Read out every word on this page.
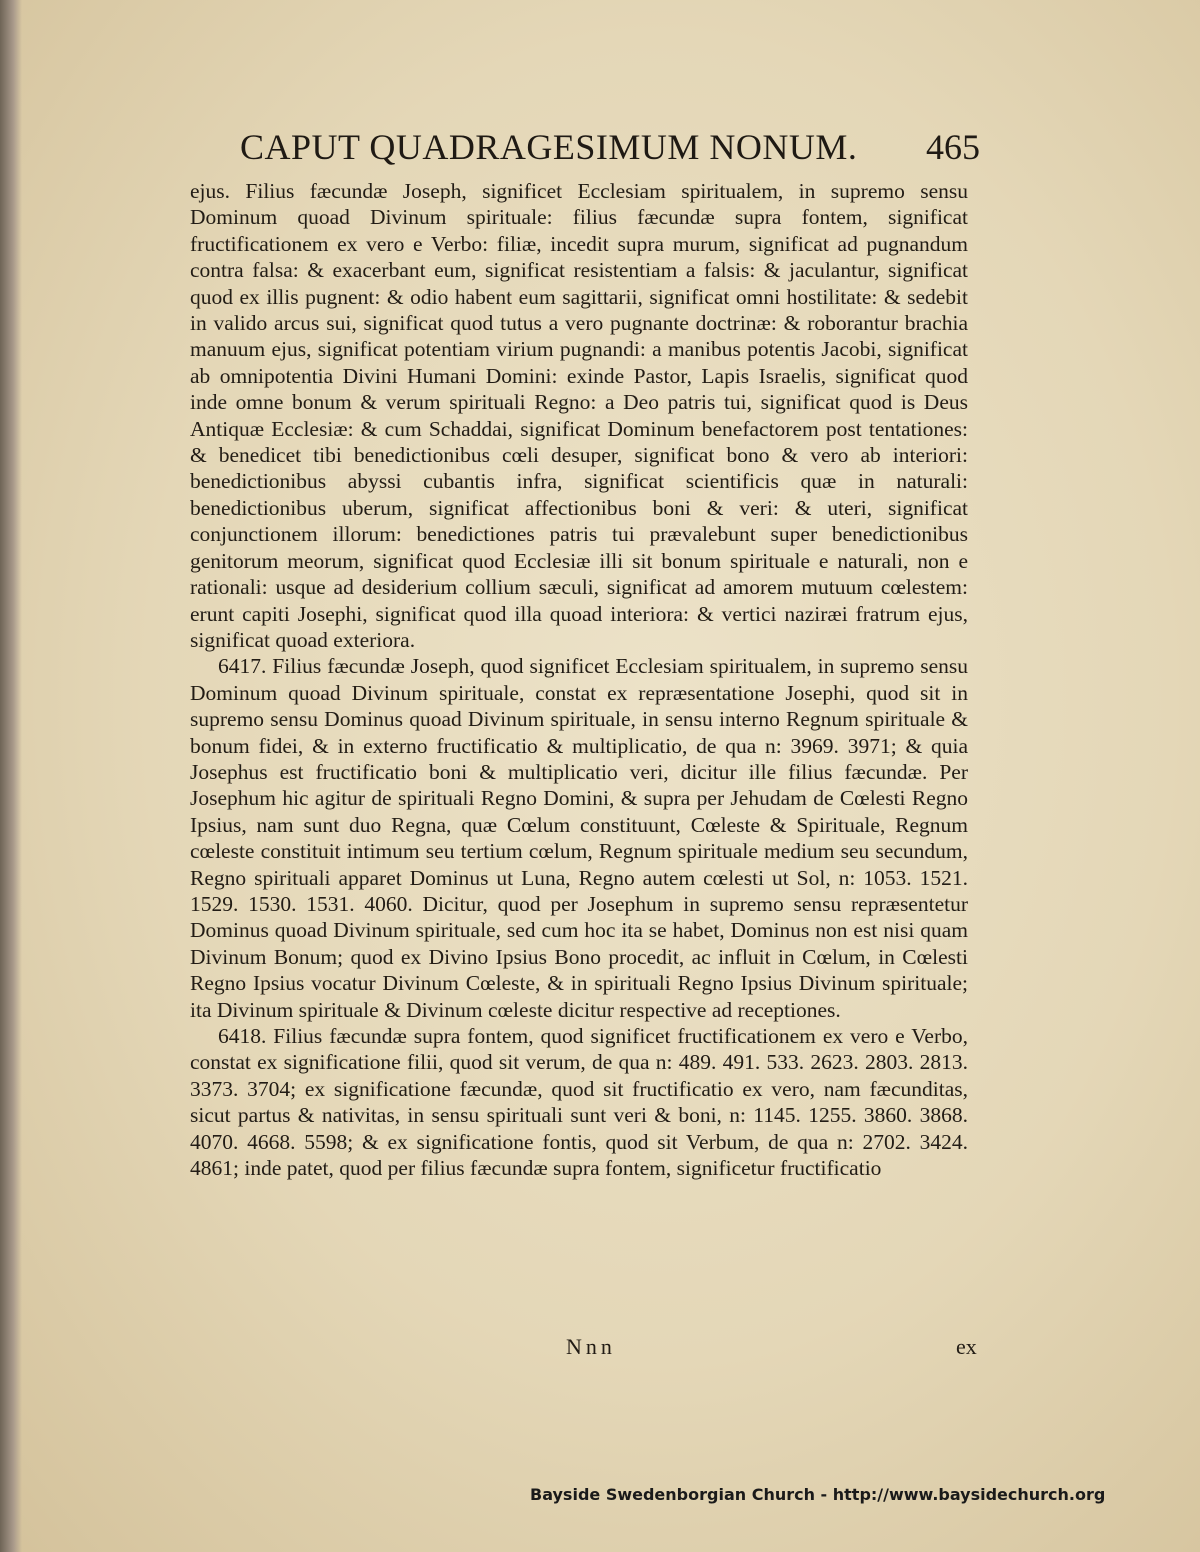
CAPUT QUADRAGESIMUM NONUM. 465

ejus. Filius fæcundæ Joseph, significet Ecclesiam spiritualem, in supremo sensu Dominum quoad Divinum spirituale: filius fæcundæ supra fontem, significat fructificationem ex vero e Verbo: filiæ, incedit supra murum, significat ad pugnandum contra falsa: & exacerbant eum, significat resistentiam a falsis: & jaculantur, significat quod ex illis pugnent: & odio habent eum sagittarii, significat omni hostilitate: & sedebit in valido arcus sui, significat quod tutus a vero pugnante doctrinæ: & roborantur brachia manuum ejus, significat potentiam virium pugnandi: a manibus potentis Jacobi, significat ab omnipotentia Divini Humani Domini: exinde Pastor, Lapis Israelis, significat quod inde omne bonum & verum spirituali Regno: a Deo patris tui, significat quod is Deus Antiquæ Ecclesiæ: & cum Schaddai, significat Dominum benefactorem post tentationes: & benedicet tibi benedictionibus cœli desuper, significat bono & vero ab interiori: benedictionibus abyssi cubantis infra, significat scientificis quæ in naturali: benedictionibus uberum, significat affectionibus boni & veri: & uteri, significat conjunctionem illorum: benedictiones patris tui prævalebunt super benedictionibus genitorum meorum, significat quod Ecclesiæ illi sit bonum spirituale e naturali, non e rationali: usque ad desiderium collium sæculi, significat ad amorem mutuum cœlestem: erunt capiti Josephi, significat quod illa quoad interiora: & vertici naziræi fratrum ejus, significat quoad exteriora.

6417. Filius fæcundæ Joseph, quod significet Ecclesiam spiritualem, in supremo sensu Dominum quoad Divinum spirituale, constat ex repræsentatione Josephi, quod sit in supremo sensu Dominus quoad Divinum spirituale, in sensu interno Regnum spirituale & bonum fidei, & in externo fructificatio & multiplicatio, de qua n: 3969. 3971; & quia Josephus est fructificatio boni & multiplicatio veri, dicitur ille filius fæcundæ. Per Josephum hic agitur de spirituali Regno Domini, & supra per Jehudam de Cœlesti Regno Ipsius, nam sunt duo Regna, quæ Cœlum constituunt, Cœleste & Spirituale, Regnum cœleste constituit intimum seu tertium cœlum, Regnum spirituale medium seu secundum, Regno spirituali apparet Dominus ut Luna, Regno autem cœlesti ut Sol, n: 1053. 1521. 1529. 1530. 1531. 4060. Dicitur, quod per Josephum in supremo sensu repræsentetur Dominus quoad Divinum spirituale, sed cum hoc ita se habet, Dominus non est nisi quam Divinum Bonum; quod ex Divino Ipsius Bono procedit, ac influit in Cœlum, in Cœlesti Regno Ipsius vocatur Divinum Cœleste, & in spirituali Regno Ipsius Divinum spirituale; ita Divinum spirituale & Divinum cœleste dicitur respective ad receptiones.

6418. Filius fæcundæ supra fontem, quod significet fructificationem ex vero e Verbo, constat ex significatione filii, quod sit verum, de qua n: 489. 491. 533. 2623. 2803. 2813. 3373. 3704; ex significatione fæcundæ, quod sit fructificatio ex vero, nam fæcunditas, sicut partus & nativitas, in sensu spirituali sunt veri & boni, n: 1145. 1255. 3860. 3868. 4070. 4668. 5598; & ex significatione fontis, quod sit Verbum, de qua n: 2702. 3424. 4861; inde patet, quod per filius fæcundæ supra fontem, significetur fructificatio

Nnn	ex
Bayside Swedenborgian Church - http://www.baysidechurch.org
